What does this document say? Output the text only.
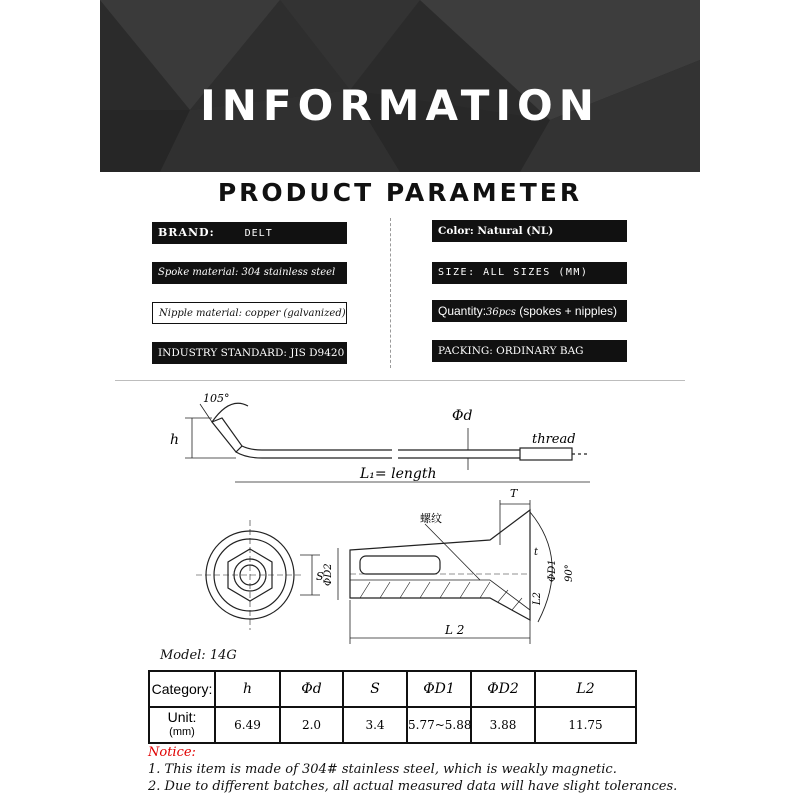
INFORMATION
PRODUCT PARAMETER
BRAND:	DELT	Color: Natural (NL)
Spoke material: 304 stainless steel	SIZE: ALL SIZES (MM)
Nipple material: copper (galvanized)	Quantity:36pcs (spokes + nipples)
INDUSTRY STANDARD: JIS D9420	PACKING: ORDINARY BAG
105°
h
Φd
thread
L₁= length
S
T
螺纹
t
ΦD2	ΦD1 90°
L2
L 2
Model: 14G
Category:	h	Φd	S	ΦD1	ΦD2	L2

Unit:
(mm)	6.49	2.0	3.4	5.77~5.88	3.88	11.75
Notice:
1. This item is made of 304# stainless steel, which is weakly magnetic.
2. Due to different batches, all actual measured data will have slight tolerances.
